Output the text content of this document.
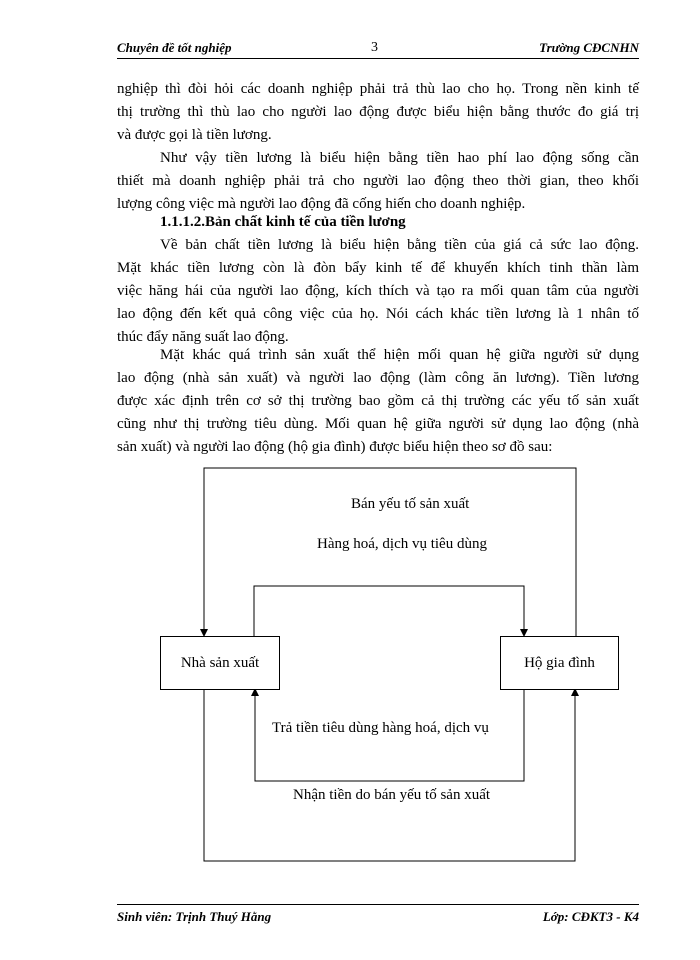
Chuyên đề tốt nghiệp	3	Trường CĐCNHN
nghiệp thì đòi hỏi các doanh nghiệp phải trả thù lao cho họ. Trong nền kinh tế
thị trường thì thù lao cho người lao động được biểu hiện bằng thước đo giá trị
và được gọi là tiền lương.
Như vậy tiền lương là biểu hiện bằng tiền hao phí lao động sống cần
thiết mà doanh nghiệp phải trả cho người lao động theo thời gian, theo khối
lượng công việc mà người lao động đã cống hiến cho doanh nghiệp.
1.1.1.2.Bản chất kinh tế của tiền lương
Về bản chất tiền lương là biểu hiện bằng tiền của giá cả sức lao động.
Mặt khác tiền lương còn là đòn bẩy kinh tế để khuyến khích tinh thần làm
việc hăng hái của người lao động, kích thích và tạo ra mối quan tâm của người
lao động đến kết quả công việc của họ. Nói cách khác tiền lương là 1 nhân tố
thúc đẩy năng suất lao động.
Mặt khác quá trình sản xuất thể hiện mối quan hệ giữa người sử dụng
lao động (nhà sản xuất) và người lao động (làm công ăn lương). Tiền lương
được xác định trên cơ sở thị trường bao gồm cả thị trường các yếu tố sản xuất
cũng như thị trường tiêu dùng. Mối quan hệ giữa người sử dụng lao động (nhà
sản xuất) và người lao động (hộ gia đình) được biểu hiện theo sơ đồ sau:
Nhà sản xuất	Hộ gia đình
Bán yếu tố sản xuất
Hàng hoá, dịch vụ tiêu dùng
Trả tiền tiêu dùng hàng hoá, dịch vụ
Nhận tiền do bán yếu tố sản xuất
Sinh viên: Trịnh Thuý Hằng	Lớp: CĐKT3 - K4
